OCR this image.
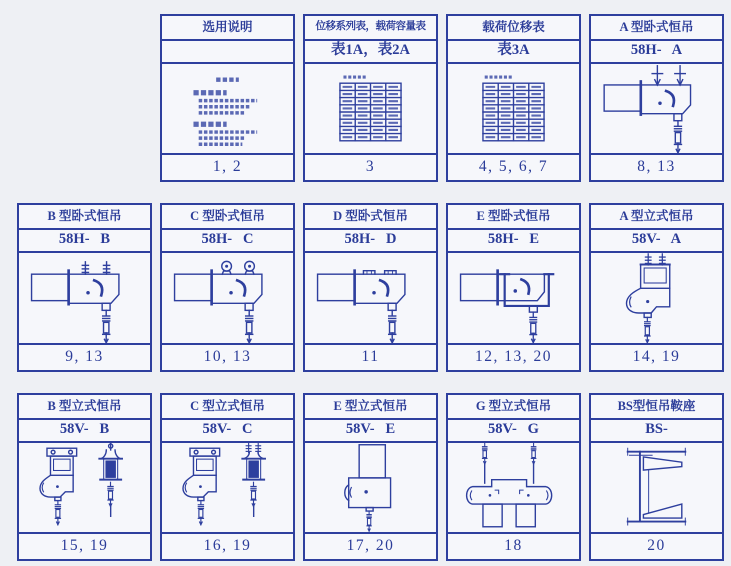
选用说明
1, 2
位移系列表，载荷容量表
表1A，表2A
3
载荷位移表
表3A
4, 5, 6, 7
A 型卧式恒吊
58H-   A
8, 13
B 型卧式恒吊
58H-   B
9, 13
C 型卧式恒吊
58H-   C
10, 13
D 型卧式恒吊
58H-   D
11
E 型卧式恒吊
58H-   E
12, 13, 20
A 型立式恒吊
58V-   A
14, 19
B 型立式恒吊
58V-   B
15, 19
C 型立式恒吊
58V-   C
16, 19
E 型立式恒吊
58V-   E
17, 20
G 型立式恒吊
58V-   G
18
BS型恒吊鞍座
BS-
20
